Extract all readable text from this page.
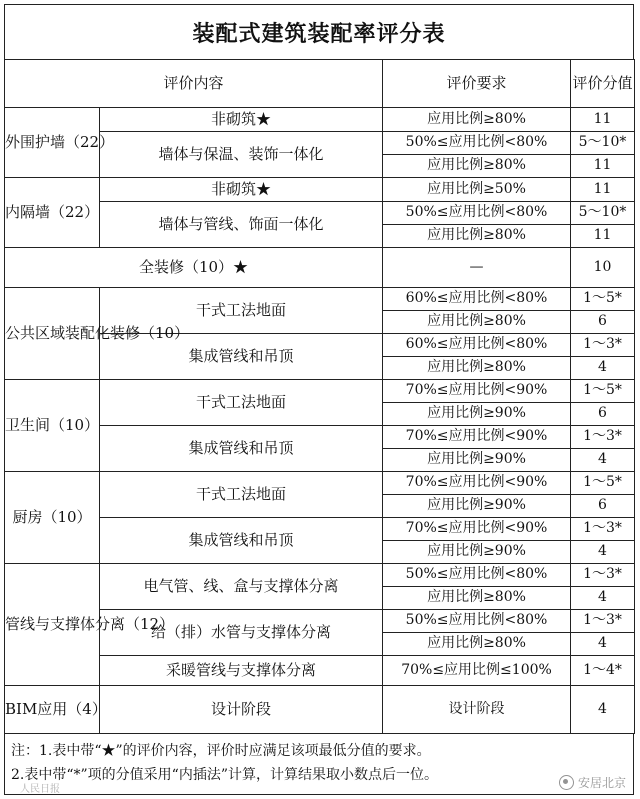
装配式建筑装配率评分表
评价内容		评价要求	评价分值
外围护墙（22）	非砌筑★	应用比例≥80%	11
	墙体与保温、装饰一体化	50%≤应用比例<80%	5～10*
		应用比例≥80%	11
内隔墙（22）	非砌筑★	应用比例≥50%	11
	墙体与管线、饰面一体化	50%≤应用比例<80%	5～10*
		应用比例≥80%	11
全装修（10）★		—	10
公共区域装配化装修（10）	干式工法地面	60%≤应用比例<80%	1～5*
		应用比例≥80%	6
	集成管线和吊顶	60%≤应用比例<80%	1～3*
		应用比例≥80%	4
卫生间（10）	干式工法地面	70%≤应用比例<90%	1～5*
		应用比例≥90%	6
	集成管线和吊顶	70%≤应用比例<90%	1～3*
		应用比例≥90%	4
厨房（10）	干式工法地面	70%≤应用比例<90%	1～5*
		应用比例≥90%	6
	集成管线和吊顶	70%≤应用比例<90%	1～3*
		应用比例≥90%	4
管线与支撑体分离（12）	电气管、线、盒与支撑体分离	50%≤应用比例<80%	1～3*
		应用比例≥80%	4
	给（排）水管与支撑体分离	50%≤应用比例<80%	1～3*
		应用比例≥80%	4
	采暖管线与支撑体分离	70%≤应用比例≤100%	1～4*
BIM应用（4）	设计阶段	设计阶段	4
注：1.表中带“★”的评价内容，评价时应满足该项最低分值的要求。
2.表中带“*”项的分值采用“内插法”计算，计算结果取小数点后一位。
人民日报	安居北京
